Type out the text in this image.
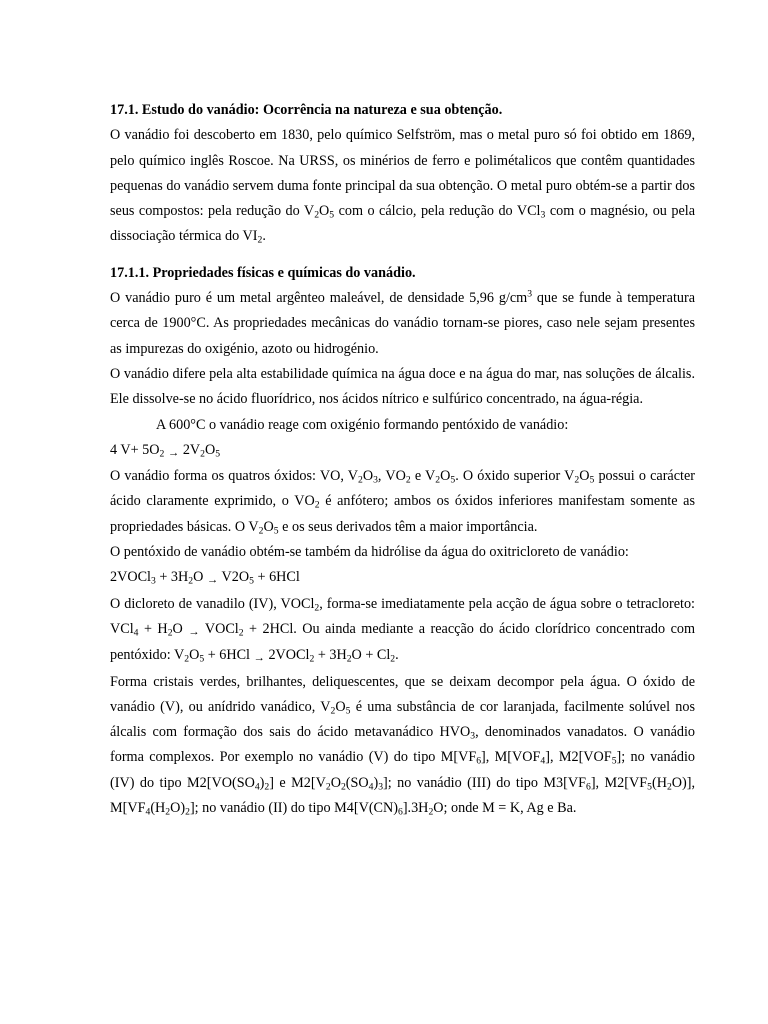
17.1. Estudo do vanádio: Ocorrência na natureza e sua obtenção.

O vanádio foi descoberto em 1830, pelo químico Selfström, mas o metal puro só foi obtido em 1869, pelo químico inglês Roscoe. Na URSS, os minérios de ferro e polimétalicos que contêm quantidades pequenas do vanádio servem duma fonte principal da sua obtenção. O metal puro obtém-se a partir dos seus compostos: pela redução do $V_2O_5$ com o cálcio, pela redução do VCl$_3$ com o magnésio, ou pela dissociação térmica do $VI_2$.

17.1.1. Propriedades físicas e químicas do vanádio.

O vanádio puro é um metal argênteo maleável, de densidade 5,96 $g/cm^3$ que se funde à temperatura cerca de 1900°C. As propriedades mecânicas do vanádio tornam-se piores, caso nele sejam presentes as impurezas do oxigénio, azoto ou hidrogénio.

O vanádio difere pela alta estabilidade química na água doce e na água do mar, nas soluções de álcalis. Ele dissolve-se no ácido fluorídrico, nos ácidos nítrico e sulfúrico concentrado, na água-régia.

A 600°C o vanádio reage com oxigénio formando pentóxido de vanádio:

4 $V+ 5O_2 \to 2V_2O_5$

O vanádio forma os quatros óxidos: VO, $V_2O_3$, $VO_2$ e $V_2O_5$. O óxido superior $V_2O_5$ possui o carácter ácido claramente exprimido, o $VO_2$ é anfótero; ambos os óxidos inferiores manifestam somente as propriedades básicas. O $V_2O_5$ e os seus derivados têm a maior importância.

O pentóxido de vanádio obtém-se também da hidrólise da água do oxitricloreto de vanádio:

2VOCl$_3$ + $3H_2O \to V2O_5 + 6HCl$

O dicloreto de vanadilo (IV), VOCl$_2$, forma-se imediatamente pela acção de água sobre o tetracloreto: $VCl_4 + H_2O$ → VOCl$_2$ + 2HCl. Ou ainda mediante a reacção do ácido clorídrico concentrado com pentóxido: $V_2O_5 + 6HCl$ → 2VOCl$_2$ + $3H_2O + Cl_2$.

Forma cristais verdes, brilhantes, deliquescentes, que se deixam decompor pela água. O óxido de vanádio (V), ou anídrido vanádico, $V_2O_5$ é uma substância de cor laranjada, facilmente solúvel nos álcalis com formação dos sais do ácido metavanádico $HVO_3$, denominados vanadatos. O vanádio forma complexos. Por exemplo no vanádio (V) do tipo $M[VF_6]$, $M[VOF_4]$, $M2[VOF_5]$; no vanádio (IV) do tipo $M2[VO(SO_4)_2]$ e $M2[V_2O_2(SO_4)_3]$; no vanádio (III) do tipo $M3[VF_6]$, $M2[VF_5(H_2O)]$, $M[VF_4(H_2O)_2]$; no vanádio (II) do tipo $M4[V(CN)_6].3H_2O$; onde M = K, Ag e Ba.
